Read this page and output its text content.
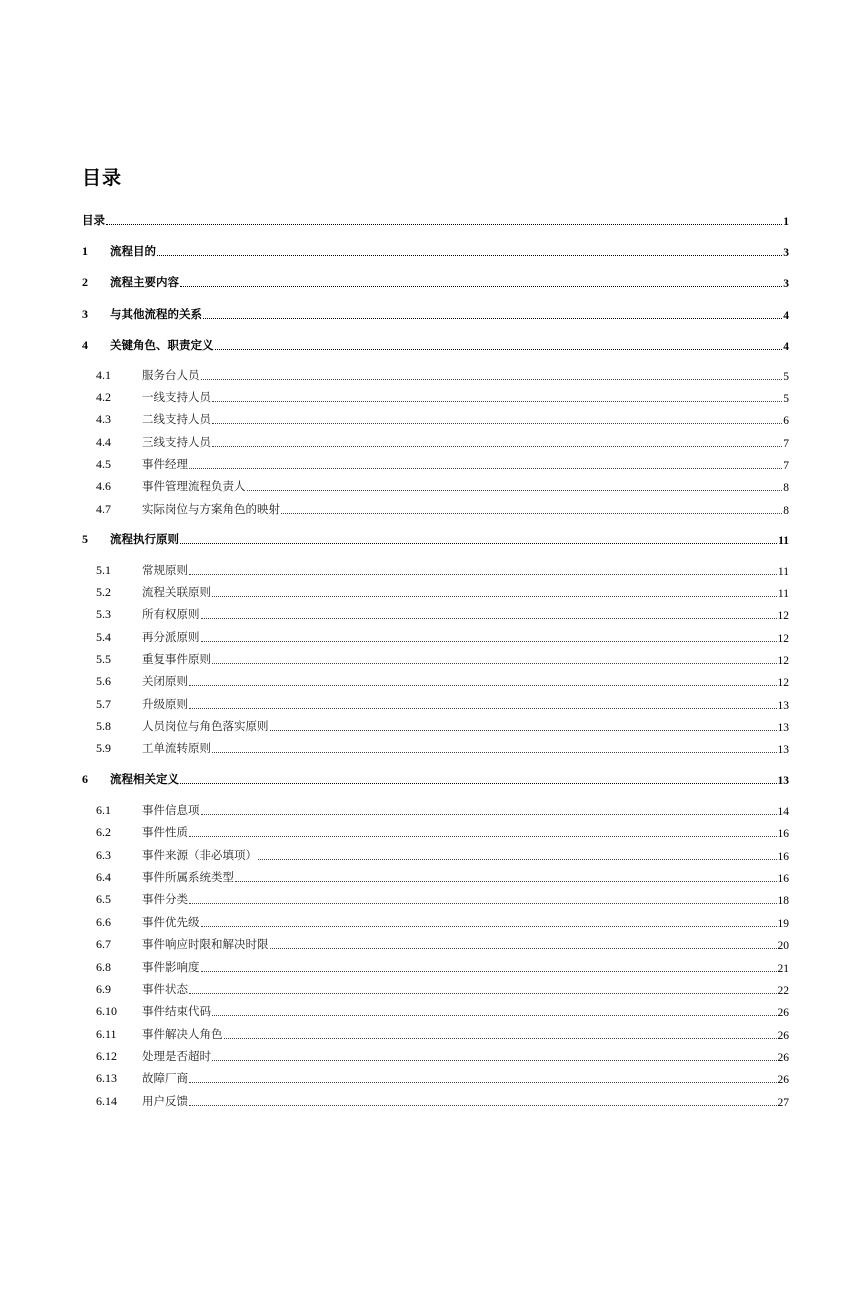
目录
目录	1
1	流程目的	3
2	流程主要内容	3
3	与其他流程的关系	4
4	关键角色、职责定义	4
4.1	服务台人员	5
4.2	一线支持人员	5
4.3	二线支持人员	6
4.4	三线支持人员	7
4.5	事件经理	7
4.6	事件管理流程负责人	8
4.7	实际岗位与方案角色的映射	8
5	流程执行原则	11
5.1	常规原则	11
5.2	流程关联原则	11
5.3	所有权原则	12
5.4	再分派原则	12
5.5	重复事件原则	12
5.6	关闭原则	12
5.7	升级原则	13
5.8	人员岗位与角色落实原则	13
5.9	工单流转原则	13
6	流程相关定义	13
6.1	事件信息项	14
6.2	事件性质	16
6.3	事件来源（非必填项）	16
6.4	事件所属系统类型	16
6.5	事件分类	18
6.6	事件优先级	19
6.7	事件响应时限和解决时限	20
6.8	事件影响度	21
6.9	事件状态	22
6.10	事件结束代码	26
6.11	事件解决人角色	26
6.12	处理是否超时	26
6.13	故障厂商	26
6.14	用户反馈	27
